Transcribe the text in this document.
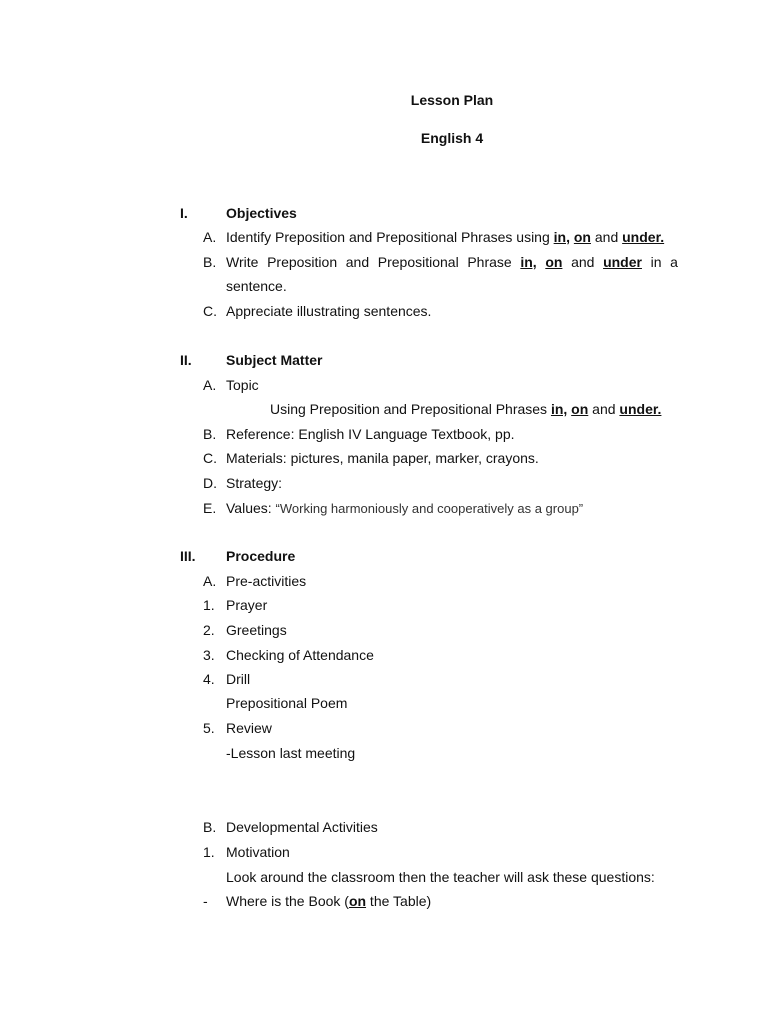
Lesson Plan
English 4
I.	Objectives
A. Identify Preposition and Prepositional Phrases using in, on and under.
B. Write Preposition and Prepositional Phrase in, on and under in a
sentence.
C. Appreciate illustrating sentences.
II. Subject Matter
A. Topic
Using Preposition and Prepositional Phrases in, on and under.
B. Reference: English IV Language Textbook, pp.
C. Materials: pictures, manila paper, marker, crayons.
D. Strategy:
E. Values: “Working harmoniously and cooperatively as a group”
III. Procedure
A. Pre-activities
1. Prayer
2. Greetings
3. Checking of Attendance
4. Drill
Prepositional Poem
5. Review
-Lesson last meeting
B. Developmental Activities
1. Motivation
Look around the classroom then the teacher will ask these questions:
- Where is the Book (on the Table)
